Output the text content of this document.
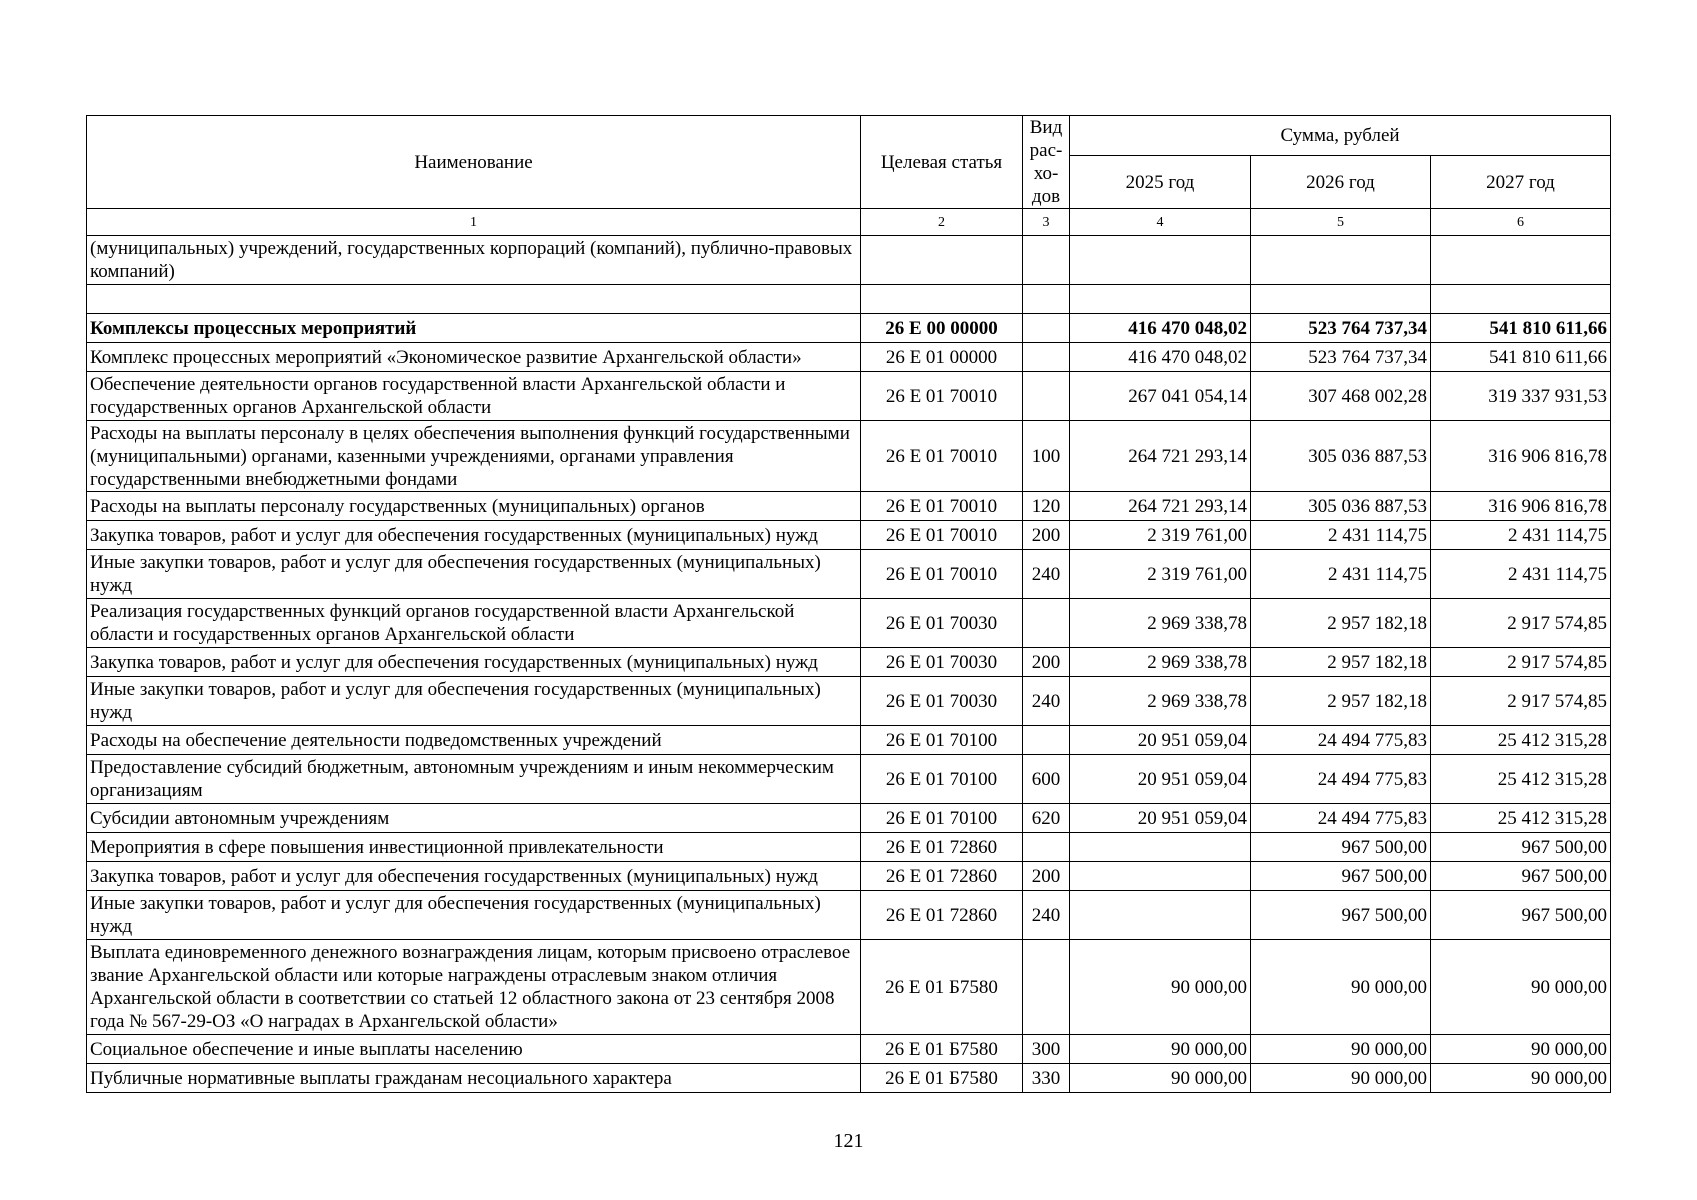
Наименование	Целевая статья	Вид рас-хо-дов	Сумма, рублей		
			2025 год	2026 год	2027 год
1	2	3	4	5	6
(муниципальных) учреждений, государственных корпораций (компаний), публично-правовых компаний)					

Комплексы процессных мероприятий	26 Е 00 00000		416 470 048,02	523 764 737,34	541 810 611,66
Комплекс процессных мероприятий «Экономическое развитие Архангельской области»	26 Е 01 00000		416 470 048,02	523 764 737,34	541 810 611,66
Обеспечение деятельности органов государственной власти Архангельской области и государственных органов Архангельской области	26 Е 01 70010		267 041 054,14	307 468 002,28	319 337 931,53
Расходы на выплаты персоналу в целях обеспечения выполнения функций государственными (муниципальными) органами, казенными учреждениями, органами управления государственными внебюджетными фондами	26 Е 01 70010	100	264 721 293,14	305 036 887,53	316 906 816,78
Расходы на выплаты персоналу государственных (муниципальных) органов	26 Е 01 70010	120	264 721 293,14	305 036 887,53	316 906 816,78
Закупка товаров, работ и услуг для обеспечения государственных (муниципальных) нужд	26 Е 01 70010	200	2 319 761,00	2 431 114,75	2 431 114,75
Иные закупки товаров, работ и услуг для обеспечения государственных (муниципальных) нужд	26 Е 01 70010	240	2 319 761,00	2 431 114,75	2 431 114,75
Реализация государственных функций органов государственной власти Архангельской области и государственных органов Архангельской области	26 Е 01 70030		2 969 338,78	2 957 182,18	2 917 574,85
Закупка товаров, работ и услуг для обеспечения государственных (муниципальных) нужд	26 Е 01 70030	200	2 969 338,78	2 957 182,18	2 917 574,85
Иные закупки товаров, работ и услуг для обеспечения государственных (муниципальных) нужд	26 Е 01 70030	240	2 969 338,78	2 957 182,18	2 917 574,85
Расходы на обеспечение деятельности подведомственных учреждений	26 Е 01 70100		20 951 059,04	24 494 775,83	25 412 315,28
Предоставление субсидий бюджетным, автономным учреждениям и иным некоммерческим организациям	26 Е 01 70100	600	20 951 059,04	24 494 775,83	25 412 315,28
Субсидии автономным учреждениям	26 Е 01 70100	620	20 951 059,04	24 494 775,83	25 412 315,28
Мероприятия в сфере повышения инвестиционной привлекательности	26 Е 01 72860			967 500,00	967 500,00
Закупка товаров, работ и услуг для обеспечения государственных (муниципальных) нужд	26 Е 01 72860	200		967 500,00	967 500,00
Иные закупки товаров, работ и услуг для обеспечения государственных (муниципальных) нужд	26 Е 01 72860	240		967 500,00	967 500,00
Выплата единовременного денежного вознаграждения лицам, которым присвоено отраслевое звание Архангельской области или которые награждены отраслевым знаком отличия Архангельской области в соответствии со статьей 12 областного закона от 23 сентября 2008 года № 567-29-ОЗ «О наградах в Архангельской области»	26 Е 01 Б7580		90 000,00	90 000,00	90 000,00
Социальное обеспечение и иные выплаты населению	26 Е 01 Б7580	300	90 000,00	90 000,00	90 000,00
Публичные нормативные выплаты гражданам несоциального характера	26 Е 01 Б7580	330	90 000,00	90 000,00	90 000,00
121
